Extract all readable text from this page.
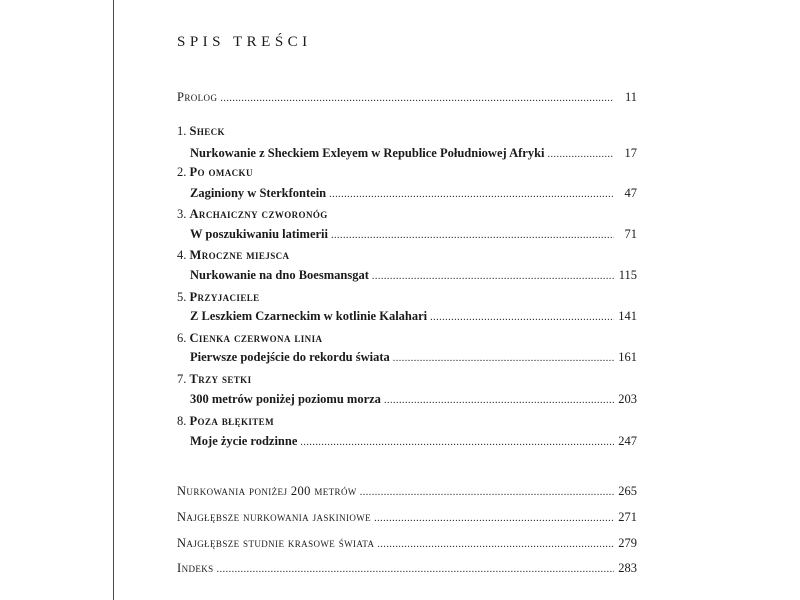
SPIS TREŚCI
Prolog .....	11
1.
Sheck
Nurkowanie z Sheckiem Exleyem w Republice Południowej Afryki .....	17
2.
Po omacku
Zaginiony w Sterkfontein .....	47
3.
Archaiczny czworonóg
W poszukiwaniu latimerii .....	71
4.
Mroczne miejsca
Nurkowanie na dno Boesmansgat .....	115
5.
Przyjaciele
Z Leszkiem Czarneckim w kotlinie Kalahari .....	141
6.
Cienka czerwona linia
Pierwsze podejście do rekordu świata .....	161
7.
Trzy setki
300 metrów poniżej poziomu morza .....	203
8.
Poza błękitem
Moje życie rodzinne .....	247
Nurkowania poniżej 200 metrów .....	265
Najgłębsze nurkowania jaskiniowe .....	271
Najgłębsze studnie krasowe świata .....	279
Indeks .....	283
